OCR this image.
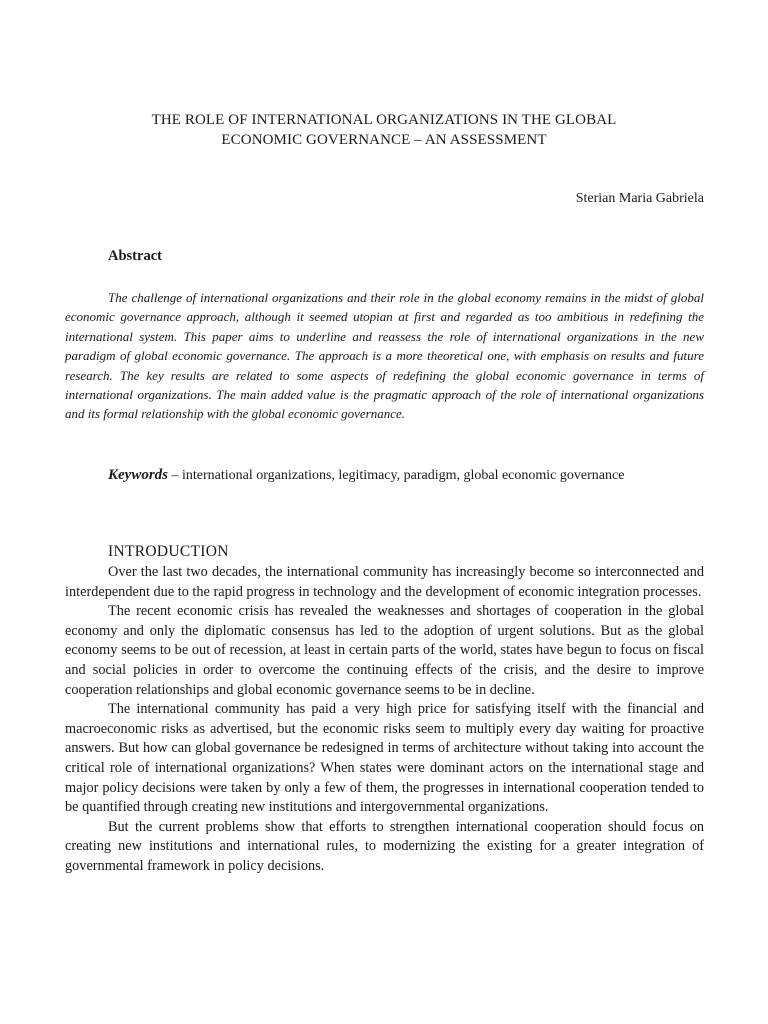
THE ROLE OF INTERNATIONAL ORGANIZATIONS IN THE GLOBAL
ECONOMIC GOVERNANCE – AN ASSESSMENT
Sterian Maria Gabriela
Abstract
The challenge of international organizations and their role in the global economy remains in the midst of global economic governance approach, although it seemed utopian at first and regarded as too ambitious in redefining the international system. This paper aims to underline and reassess the role of international organizations in the new paradigm of global economic governance. The approach is a more theoretical one, with emphasis on results and future research. The key results are related to some aspects of redefining the global economic governance in terms of international organizations. The main added value is the pragmatic approach of the role of international organizations and its formal relationship with the global economic governance.
Keywords – international organizations, legitimacy, paradigm, global economic governance
INTRODUCTION

Over the last two decades, the international community has increasingly become so interconnected and interdependent due to the rapid progress in technology and the development of economic integration processes.

The recent economic crisis has revealed the weaknesses and shortages of cooperation in the global economy and only the diplomatic consensus has led to the adoption of urgent solutions. But as the global economy seems to be out of recession, at least in certain parts of the world, states have begun to focus on fiscal and social policies in order to overcome the continuing effects of the crisis, and the desire to improve cooperation relationships and global economic governance seems to be in decline.

The international community has paid a very high price for satisfying itself with the financial and macroeconomic risks as advertised, but the economic risks seem to multiply every day waiting for proactive answers. But how can global governance be redesigned in terms of architecture without taking into account the critical role of international organizations? When states were dominant actors on the international stage and major policy decisions were taken by only a few of them, the progresses in international cooperation tended to be quantified through creating new institutions and intergovernmental organizations.

But the current problems show that efforts to strengthen international cooperation should focus on creating new institutions and international rules, to modernizing the existing for a greater integration of governmental framework in policy decisions.
